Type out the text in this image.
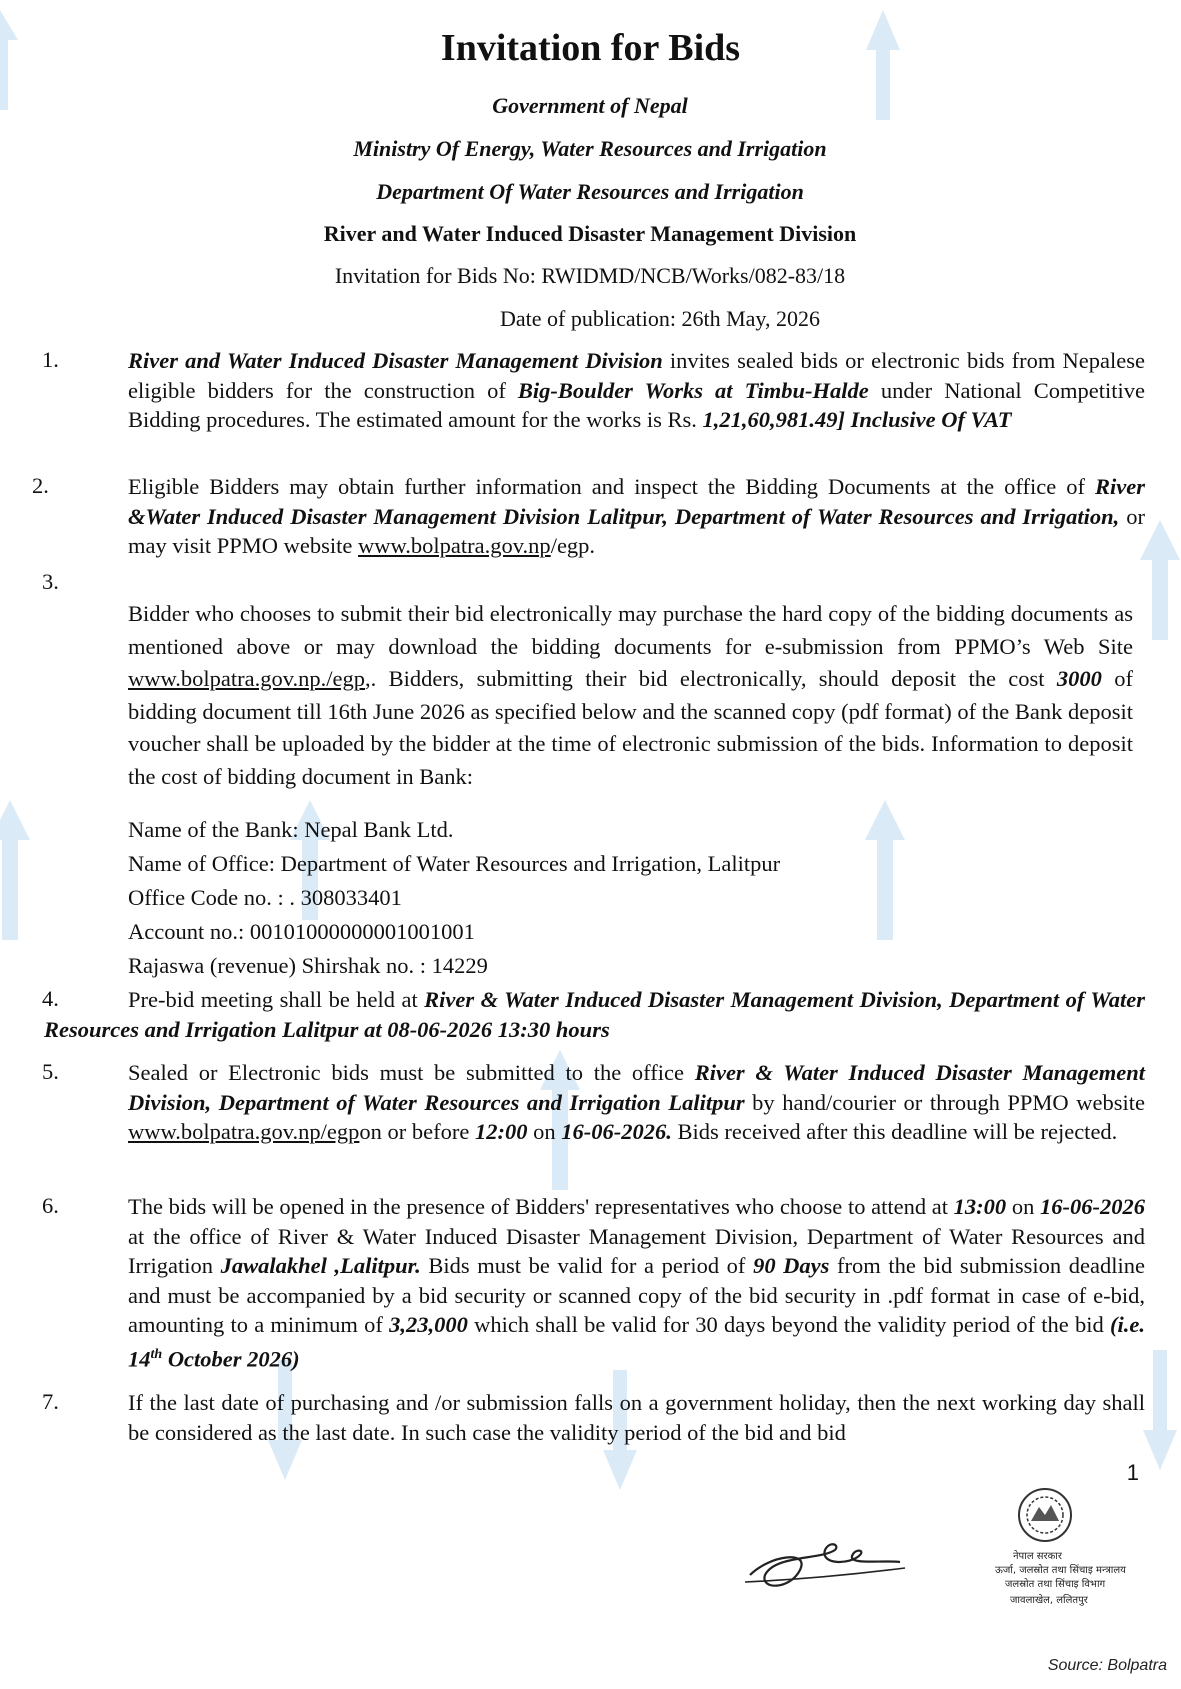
Invitation for Bids
Government of Nepal
Ministry Of Energy, Water Resources and Irrigation
Department Of Water Resources and Irrigation
River and Water Induced Disaster Management Division
Invitation for Bids No: RWIDMD/NCB/Works/082-83/18
Date of publication: 26th May, 2026
1.	River and Water Induced Disaster Management Division invites sealed bids or electronic bids from Nepalese eligible bidders for the construction of Big-Boulder Works at Timbu-Halde under National Competitive Bidding procedures. The estimated amount for the works is Rs. 1,21,60,981.49] Inclusive Of VAT
2.	Eligible Bidders may obtain further information and inspect the Bidding Documents at the office of River &Water Induced Disaster Management Division Lalitpur, Department of Water Resources and Irrigation, or may visit PPMO website www.bolpatra.gov.np/egp.
3.
Bidder who chooses to submit their bid electronically may purchase the hard copy of the bidding documents as mentioned above or may download the bidding documents for e-submission from PPMO’s Web Site www.bolpatra.gov.np./egp,. Bidders, submitting their bid electronically, should deposit the cost 3000 of bidding document till 16th June 2026 as specified below and the scanned copy (pdf format) of the Bank deposit voucher shall be uploaded by the bidder at the time of electronic submission of the bids. Information to deposit the cost of bidding document in Bank:
Name of the Bank: Nepal Bank Ltd.
Name of Office: Department of Water Resources and Irrigation, Lalitpur
Office Code no. : . 308033401
Account no.: 00101000000001001001
Rajaswa (revenue) Shirshak no. : 14229
4.	Pre-bid meeting shall be held at River & Water Induced Disaster Management Division, Department of Water Resources and Irrigation Lalitpur at 08-06-2026 13:30 hours
5.	Sealed or Electronic bids must be submitted to the office River & Water Induced Disaster Management Division, Department of Water Resources and Irrigation Lalitpur by hand/courier or through PPMO website www.bolpatra.gov.np/egpon or before 12:00 on 16-06-2026. Bids received after this deadline will be rejected.
6.	The bids will be opened in the presence of Bidders' representatives who choose to attend at 13:00 on 16-06-2026 at the office of River & Water Induced Disaster Management Division, Department of Water Resources and Irrigation Jawalakhel ,Lalitpur. Bids must be valid for a period of 90 Days from the bid submission deadline and must be accompanied by a bid security or scanned copy of the bid security in .pdf format in case of e-bid, amounting to a minimum of 3,23,000 which shall be valid for 30 days beyond the validity period of the bid (i.e. 14th October 2026)
7.	If the last date of purchasing and /or submission falls on a government holiday, then the next working day shall be considered as the last date. In such case the validity period of the bid and bid
1
नेपाल सरकार
ऊर्जा, जलस्रोत तथा सिंचाइ मन्त्रालय
जलस्रोत तथा सिंचाइ विभाग
जावलाखेल, ललितपुर
Source: Bolpatra
